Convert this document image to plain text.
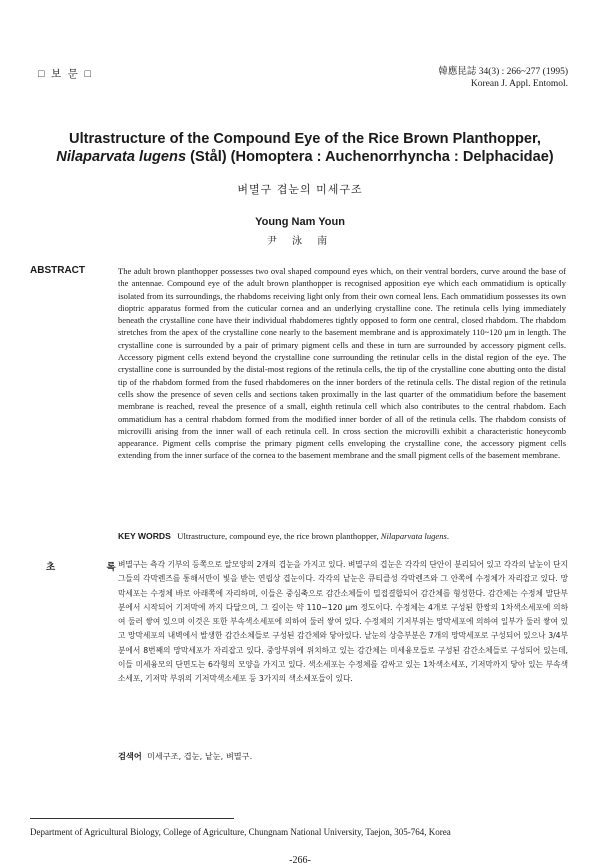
□ 보 문 □	韓應昆誌 34(3) : 266~277 (1995)
Korean J. Appl. Entomol.
Ultrastructure of the Compound Eye of the Rice Brown Planthopper,
Nilaparvata lugens (Stål) (Homoptera : Auchenorrhyncha : Delphacidae)
벼멸구 겹눈의 미세구조
Young Nam Youn
尹 泳 南
ABSTRACT	The adult brown planthopper possesses two oval shaped compound eyes which, on their ventral borders, curve around the base of the antennae. Compound eye of the adult brown planthopper is recognised apposition eye which each ommatidium is optically isolated from its surroundings, the rhabdoms receiving light only from their own corneal lens. Each ommatidium possesses its own dioptric apparatus formed from the cuticular cornea and an underlying crystalline cone. The retinula cells lying immediately beneath the crystalline cone have their individual rhabdomeres tightly opposed to form one central, closed rhabdom. The rhabdom stretches from the apex of the crystalline cone nearly to the basement membrane and is approximately 110~120 μm in length. The crystalline cone is surrounded by a pair of primary pigment cells and these in turn are surrounded by accessory pigment cells. Accessory pigment cells extend beyond the crystalline cone surrounding the retinular cells in the distal region of the eye. The crystalline cone is surrounded by the distal-most regions of the retinula cells, the tip of the crystalline cone abutting onto the distal tip of the rhabdom formed from the fused rhabdomeres on the inner borders of the retinula cells. The distal region of the retinula cells show the presence of seven cells and sections taken proximally in the last quarter of the ommatidium before the basement membrane is reached, reveal the presence of a small, eighth retinula cell which also contributes to the central rhabdom. Each ommatidium has a central rhabdom formed from the modified inner border of all of the retinula cells. The rhabdom consists of microvilli arising from the inner wall of each retinula cell. In cross section the microvilli exhibit a characteristic honeycomb appearance. Pigment cells comprise the primary pigment cells enveloping the crystalline cone, the accessory pigment cells extending from the inner surface of the cornea to the basement membrane and the small pigment cells of the basement membrane.
KEY WORDS Ultrastructure, compound eye, the rice brown planthopper, Nilaparvata lugens.
초 록
벼멸구는 측각 기부의 등쪽으로 알모양의 2개의 겹눈을 가지고 있다. 벼멸구의 겹눈은 각각의 단안이 분리되어 있고 각각의 낱눈이 단지 그들의 각막렌즈를 통해서만이 빛을 받는 연립상 겹눈이다. 각각의 낱눈은 큐티클성 각막렌즈와 그 안쪽에 수정체가 자리잡고 있다. 망막세포는 수정체 바로 아래쪽에 자리하며, 이들은 중심축으로 감간소체들이 밀접결합되어 감간체를 형성한다. 감간체는 수정체 말단부분에서 시작되어 기저막에 까지 다달으며, 그 길이는 약 110~120 μm 정도이다. 수정체는 4개로 구성된 한쌍의 1차색소세포에 의하여 둘러 쌓여 있으며 이것은 또한 부속색소세포에 의하여 둘러 쌓여 있다. 수정체의 기저부위는 망막세포에 의하여 일부가 둘러 쌓여 있고 망막세포의 내벽에서 발생한 감간소체들로 구성된 감간체와 닿아있다. 낱눈의 상층부분은 7개의 망막세포로 구성되어 있으나 3/4부분에서 8번째의 망막세포가 자리잡고 있다. 중앙부위에 위치하고 있는 감간체는 미세융모들로 구성된 감간소체들로 구성되어 있는데, 이들 미세융모의 단면도는 6각형의 모양을 가지고 있다. 색소세포는 수정체를 감싸고 있는 1차색소세포, 기저막까지 닿아 있는 부속색소세포, 기저막 부위의 기저막색소세포 등 3가지의 색소세포들이 있다.
검색어 미세구조, 겹눈, 낱눈, 벼멸구.
Department of Agricultural Biology, College of Agriculture, Chungnam National University, Taejon, 305-764, Korea
-266-
